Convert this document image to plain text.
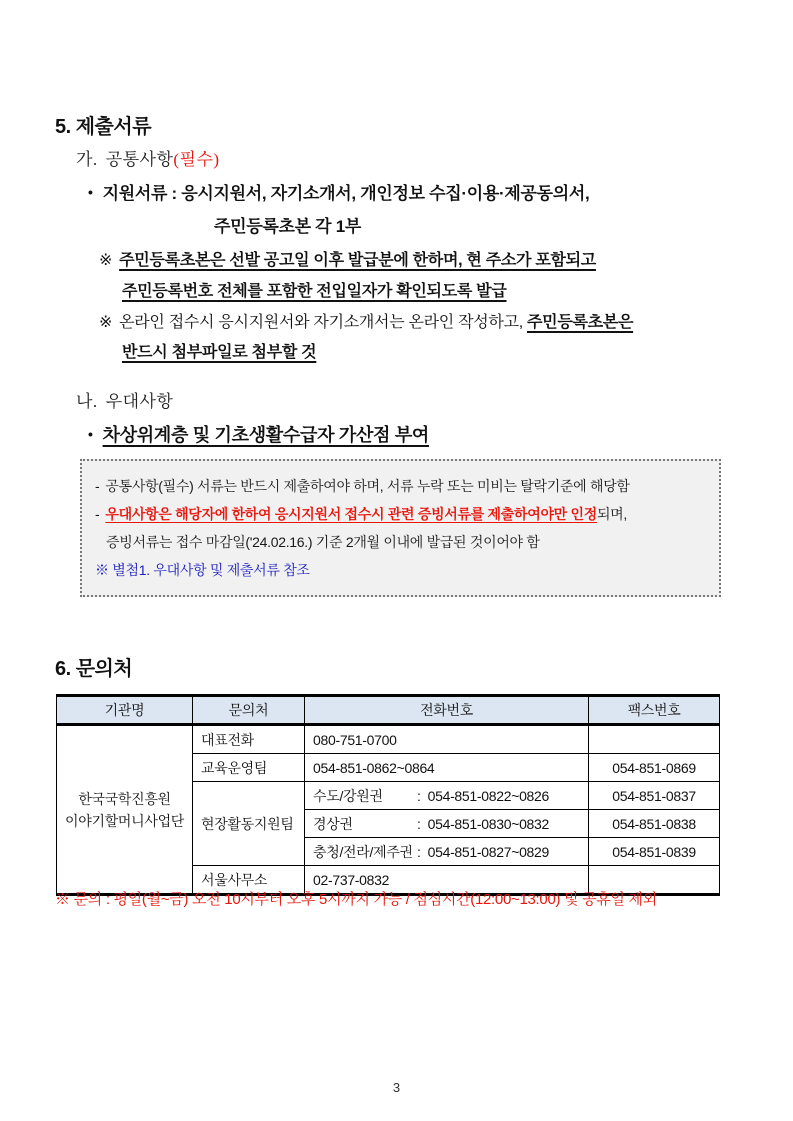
5. 제출서류
가. 공통사항(필수)
• 지원서류 : 응시지원서, 자기소개서, 개인정보 수집·이용·제공동의서,
주민등록초본 각 1부
※ 주민등록초본은 선발 공고일 이후 발급분에 한하며, 현 주소가 포함되고
주민등록번호 전체를 포함한 전입일자가 확인되도록 발급
※ 온라인 접수시 응시지원서와 자기소개서는 온라인 작성하고, 주민등록초본은
반드시 첨부파일로 첨부할 것
나. 우대사항
• 차상위계층 및 기초생활수급자 가산점 부여
- 공통사항(필수) 서류는 반드시 제출하여야 하며, 서류 누락 또는 미비는 탈락기준에 해당함
- 우대사항은 해당자에 한하여 응시지원서 접수시 관련 증빙서류를 제출하여야만 인정되며,
증빙서류는 접수 마감일('24.02.16.) 기준 2개월 이내에 발급된 것이어야 함
※ 별첨1. 우대사항 및 제출서류 참조
6. 문의처
기관명	문의처	전화번호	팩스번호

한국국학진흥원
이야기할머니사업단	대표전화	080-751-0700	
	교육운영팀	054-851-0862~0864	054-851-0869
	현장활동지원팀	수도/강원권 : 054-851-0822~0826	054-851-0837
		경상권 : 054-851-0830~0832	054-851-0838
		충청/전라/제주권 : 054-851-0827~0829	054-851-0839
	서울사무소	02-737-0832	
※ 문의 : 평일(월~금) 오전 10시부터 오후 5시까지 가능 / 점심시간(12:00~13:00) 및 공휴일 제외
3
